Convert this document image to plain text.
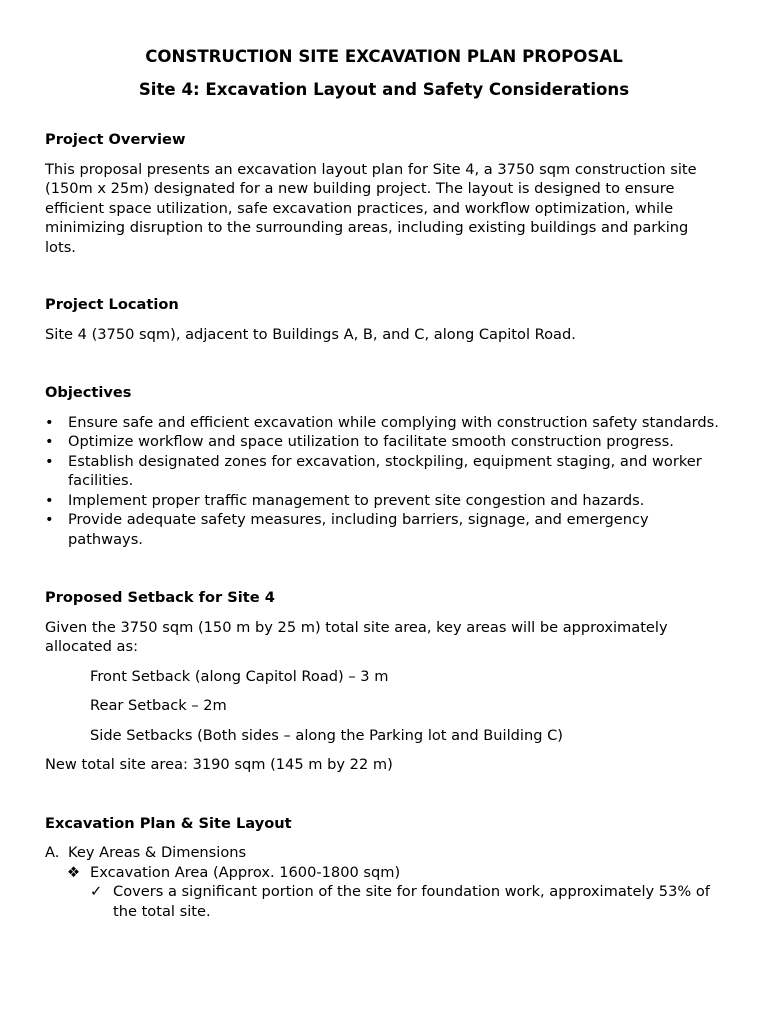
CONSTRUCTION SITE EXCAVATION PLAN PROPOSAL
Site 4: Excavation Layout and Safety Considerations
Project Overview

This proposal presents an excavation layout plan for Site 4, a 3750 sqm construction site (150m x 25m) designated for a new building project. The layout is designed to ensure efficient space utilization, safe excavation practices, and workflow optimization, while minimizing disruption to the surrounding areas, including existing buildings and parking lots.

Project Location

Site 4 (3750 sqm), adjacent to Buildings A, B, and C, along Capitol Road.

Objectives
• Ensure safe and efficient excavation while complying with construction safety standards.
• Optimize workflow and space utilization to facilitate smooth construction progress.
• Establish designated zones for excavation, stockpiling, equipment staging, and worker facilities.
• Implement proper traffic management to prevent site congestion and hazards.
• Provide adequate safety measures, including barriers, signage, and emergency pathways.
Proposed Setback for Site 4

Given the 3750 sqm (150 m by 25 m) total site area, key areas will be approximately allocated as:

Front Setback (along Capitol Road) – 3 m

Rear Setback – 2m

Side Setbacks (Both sides – along the Parking lot and Building C)

New total site area: 3190 sqm (145 m by 22 m)

Excavation Plan & Site Layout
A. Key Areas & Dimensions
❖ Excavation Area (Approx. 1600-1800 sqm)
✓ Covers a significant portion of the site for foundation work, approximately 53% of the total site.
